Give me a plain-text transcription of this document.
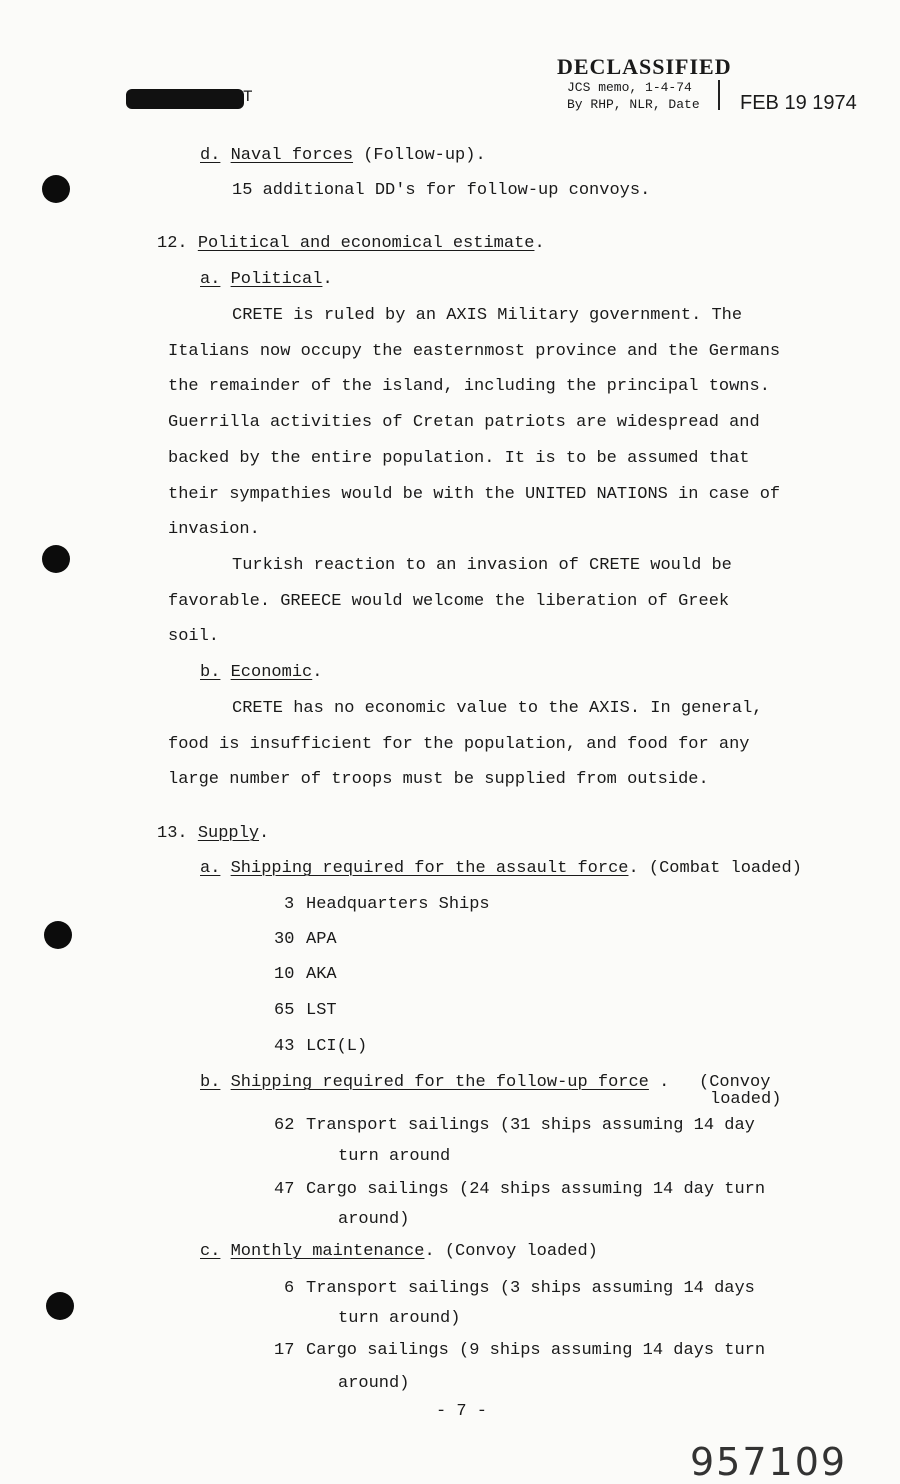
T
DECLASSIFIED
JCS memo, 1-4-74
By RHP, NLR, Date FEB 19 1974
d. Naval forces (Follow-up).
15 additional DD's for follow-up convoys.
12. Political and economical estimate.
a. Political.
CRETE is ruled by an AXIS Military government. The
Italians now occupy the easternmost province and the Germans
the remainder of the island, including the principal towns.
Guerrilla activities of Cretan patriots are widespread and
backed by the entire population. It is to be assumed that
their sympathies would be with the UNITED NATIONS in case of
invasion.
Turkish reaction to an invasion of CRETE would be
favorable. GREECE would welcome the liberation of Greek
soil.
b. Economic.
CRETE has no economic value to the AXIS. In general,
food is insufficient for the population, and food for any
large number of troops must be supplied from outside.
13. Supply.
a. Shipping required for the assault force. (Combat loaded)
3 Headquarters Ships
30 APA
10 AKA
65 LST
43 LCI(L)
b. Shipping required for the follow-up force . (Convoy
loaded)
62 Transport sailings (31 ships assuming 14 day
turn around
47 Cargo sailings (24 ships assuming 14 day turn
around)
c. Monthly maintenance. (Convoy loaded)
6 Transport sailings (3 ships assuming 14 days
turn around)
17 Cargo sailings (9 ships assuming 14 days turn
around)
- 7 -
957109
